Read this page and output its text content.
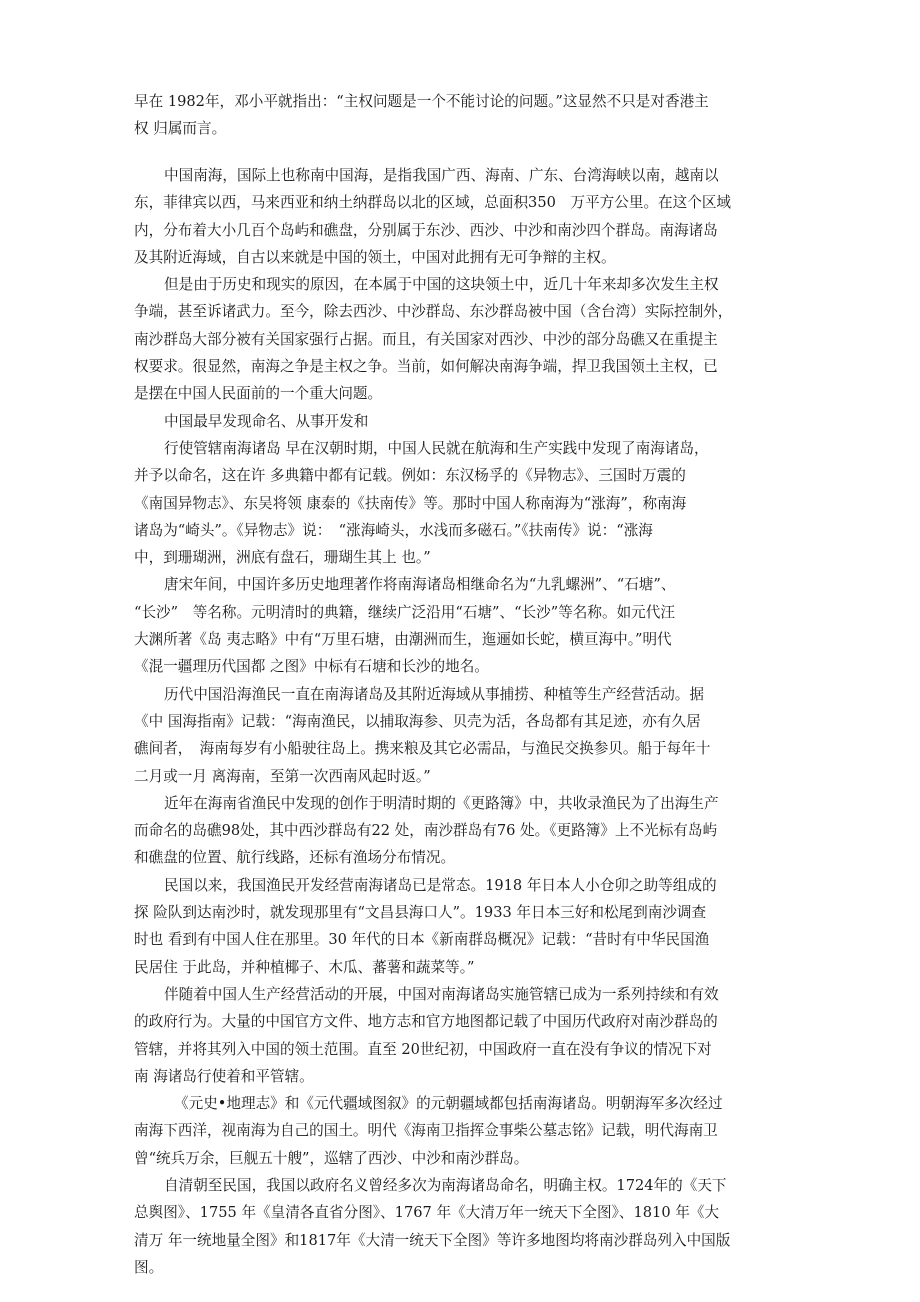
早在 1982年，邓小平就指出：“主权问题是一个不能讨论的问题。”这显然不只是对香港主
权 归属而言。
中国南海，国际上也称南中国海，是指我国广西、海南、广东、台湾海峡以南，越南以
东，菲律宾以西，马来西亚和纳土纳群岛以北的区域，总面积350　万平方公里。在这个区域
内，分布着大小几百个岛屿和礁盘，分别属于东沙、西沙、中沙和南沙四个群岛。南海诸岛
及其附近海域，自古以来就是中国的领土，中国对此拥有无可争辩的主权。
但是由于历史和现实的原因，在本属于中国的这块领土中，近几十年来却多次发生主权
争端，甚至诉诸武力。至今，除去西沙、中沙群岛、东沙群岛被中国（含台湾）实际控制外，
南沙群岛大部分被有关国家强行占据。而且，有关国家对西沙、中沙的部分岛礁又在重提主
权要求。很显然，南海之争是主权之争。当前，如何解决南海争端，捍卫我国领土主权，已
是摆在中国人民面前的一个重大问题。
中国最早发现命名、从事开发和
行使管辖南海诸岛 早在汉朝时期，中国人民就在航海和生产实践中发现了南海诸岛，
并予以命名，这在许 多典籍中都有记载。例如：东汉杨孚的《异物志》、三国时万震的
《南国异物志》、东吴将领 康泰的《扶南传》等。那时中国人称南海为“涨海”，称南海
诸岛为“崎头”。《异物志》说：　“涨海崎头，水浅而多磁石。”《扶南传》说：“涨海
中，到珊瑚洲，洲底有盘石，珊瑚生其上 也。”
唐宋年间，中国许多历史地理著作将南海诸岛相继命名为“九乳螺洲”、“石塘”、
“长沙”　等名称。元明清时的典籍，继续广泛沿用“石塘”、“长沙”等名称。如元代汪
大渊所著《岛 夷志略》中有“万里石塘，由潮洲而生，迤逦如长蛇，横亘海中。”明代
《混一疆理历代国都 之图》中标有石塘和长沙的地名。
历代中国沿海渔民一直在南海诸岛及其附近海域从事捕捞、种植等生产经营活动。据
《中 国海指南》记载：“海南渔民，以捕取海参、贝壳为活，各岛都有其足迹，亦有久居
礁间者，　海南每岁有小船驶往岛上。携来粮及其它必需品，与渔民交换参贝。船于每年十
二月或一月 离海南，至第一次西南风起时返。”
近年在海南省渔民中发现的创作于明清时期的《更路簿》中，共收录渔民为了出海生产
而命名的岛礁98处，其中西沙群岛有22 处，南沙群岛有76 处。《更路簿》上不光标有岛屿
和礁盘的位置、航行线路，还标有渔场分布情况。
民国以来，我国渔民开发经营南海诸岛已是常态。1918 年日本人小仓卯之助等组成的
探 险队到达南沙时，就发现那里有“文昌县海口人”。1933 年日本三好和松尾到南沙调查
时也 看到有中国人住在那里。30 年代的日本《新南群岛概况》记载：“昔时有中华民国渔
民居住 于此岛，并种植椰子、木瓜、蕃薯和蔬菜等。”
伴随着中国人生产经营活动的开展，中国对南海诸岛实施管辖已成为一系列持续和有效
的政府行为。大量的中国官方文件、地方志和官方地图都记载了中国历代政府对南沙群岛的
管辖，并将其列入中国的领土范围。直至 20世纪初，中国政府一直在没有争议的情况下对
南 海诸岛行使着和平管辖。
《元史•地理志》和《元代疆域图叙》的元朝疆域都包括南海诸岛。明朝海军多次经过
南海下西洋，视南海为自己的国土。明代《海南卫指挥佥事柴公墓志铭》记载，明代海南卫
曾“统兵万余，巨舰五十艘”，巡辖了西沙、中沙和南沙群岛。
自清朝至民国，我国以政府名义曾经多次为南海诸岛命名，明确主权。1724年的《天下
总舆图》、1755 年《皇清各直省分图》、1767 年《大清万年一统天下全图》、1810 年《大
清万 年一统地量全图》和1817年《大清一统天下全图》等许多地图均将南沙群岛列入中国版
图。
